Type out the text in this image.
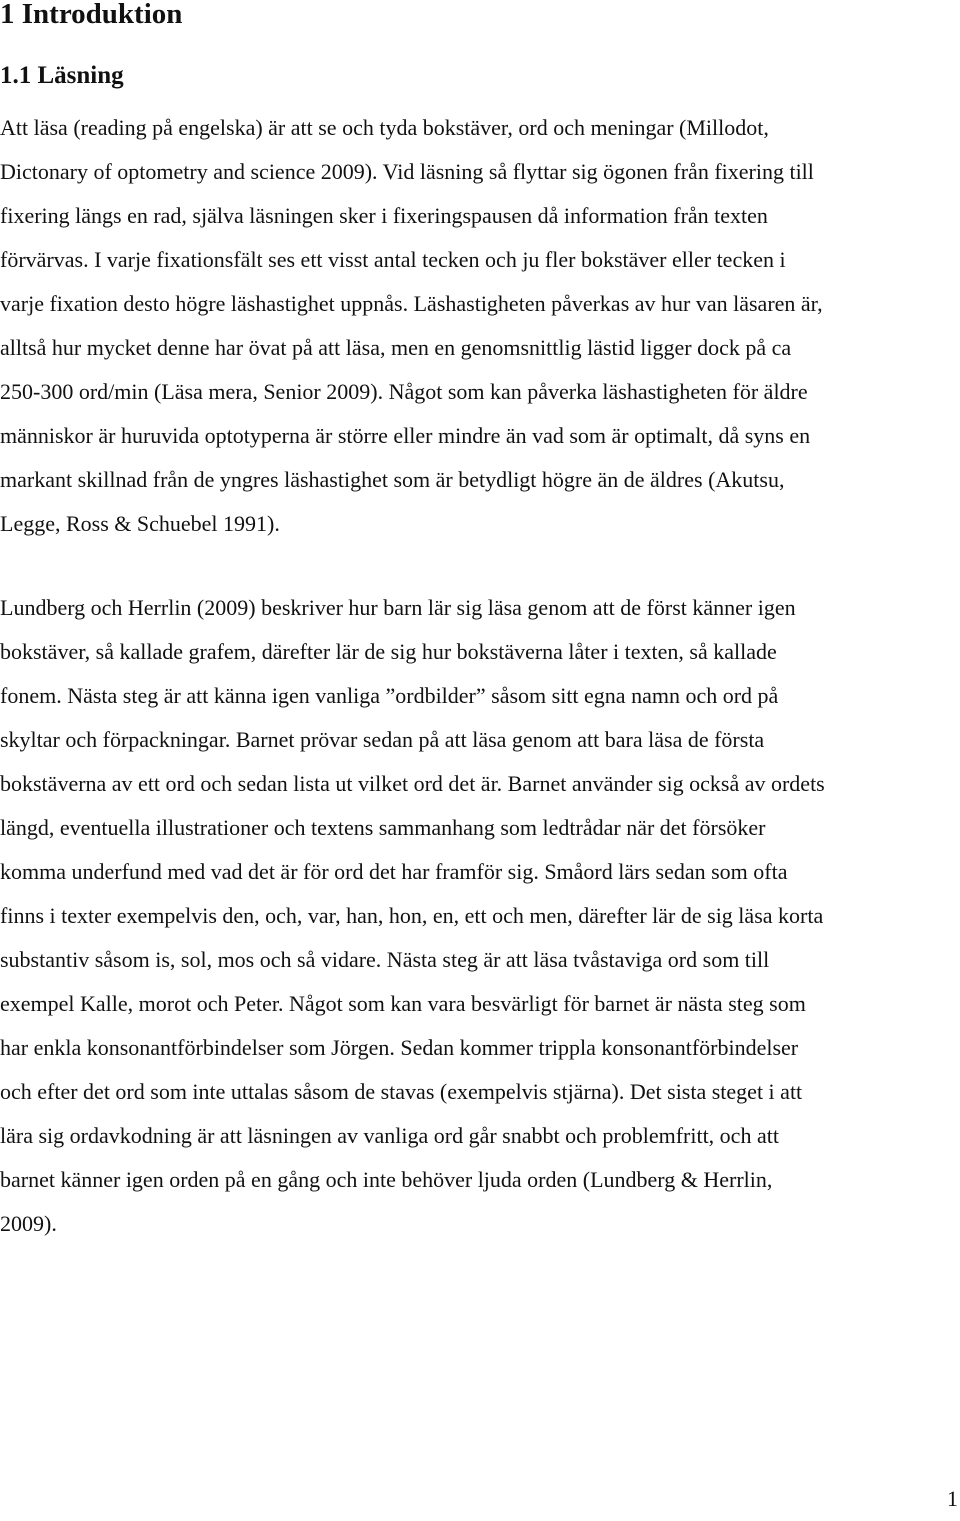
1 Introduktion
1.1 Läsning
Att läsa (reading på engelska) är att se och tyda bokstäver, ord och meningar (Millodot,
Dictonary of optometry and science 2009). Vid läsning så flyttar sig ögonen från fixering till
fixering längs en rad, själva läsningen sker i fixeringspausen då information från texten
förvärvas. I varje fixationsfält ses ett visst antal tecken och ju fler bokstäver eller tecken i
varje fixation desto högre läshastighet uppnås. Läshastigheten påverkas av hur van läsaren är,
alltså hur mycket denne har övat på att läsa, men en genomsnittlig lästid ligger dock på ca
250-300 ord/min (Läsa mera, Senior 2009). Något som kan påverka läshastigheten för äldre
människor är huruvida optotyperna är större eller mindre än vad som är optimalt, då syns en
markant skillnad från de yngres läshastighet som är betydligt högre än de äldres (Akutsu,
Legge, Ross & Schuebel 1991).
Lundberg och Herrlin (2009) beskriver hur barn lär sig läsa genom att de först känner igen
bokstäver, så kallade grafem, därefter lär de sig hur bokstäverna låter i texten, så kallade
fonem. Nästa steg är att känna igen vanliga ”ordbilder” såsom sitt egna namn och ord på
skyltar och förpackningar. Barnet prövar sedan på att läsa genom att bara läsa de första
bokstäverna av ett ord och sedan lista ut vilket ord det är. Barnet använder sig också av ordets
längd, eventuella illustrationer och textens sammanhang som ledtrådar när det försöker
komma underfund med vad det är för ord det har framför sig. Småord lärs sedan som ofta
finns i texter exempelvis den, och, var, han, hon, en, ett och men, därefter lär de sig läsa korta
substantiv såsom is, sol, mos och så vidare. Nästa steg är att läsa tvåstaviga ord som till
exempel Kalle, morot och Peter. Något som kan vara besvärligt för barnet är nästa steg som
har enkla konsonantförbindelser som Jörgen. Sedan kommer trippla konsonantförbindelser
och efter det ord som inte uttalas såsom de stavas (exempelvis stjärna). Det sista steget i att
lära sig ordavkodning är att läsningen av vanliga ord går snabbt och problemfritt, och att
barnet känner igen orden på en gång och inte behöver ljuda orden (Lundberg & Herrlin,
2009).
1
